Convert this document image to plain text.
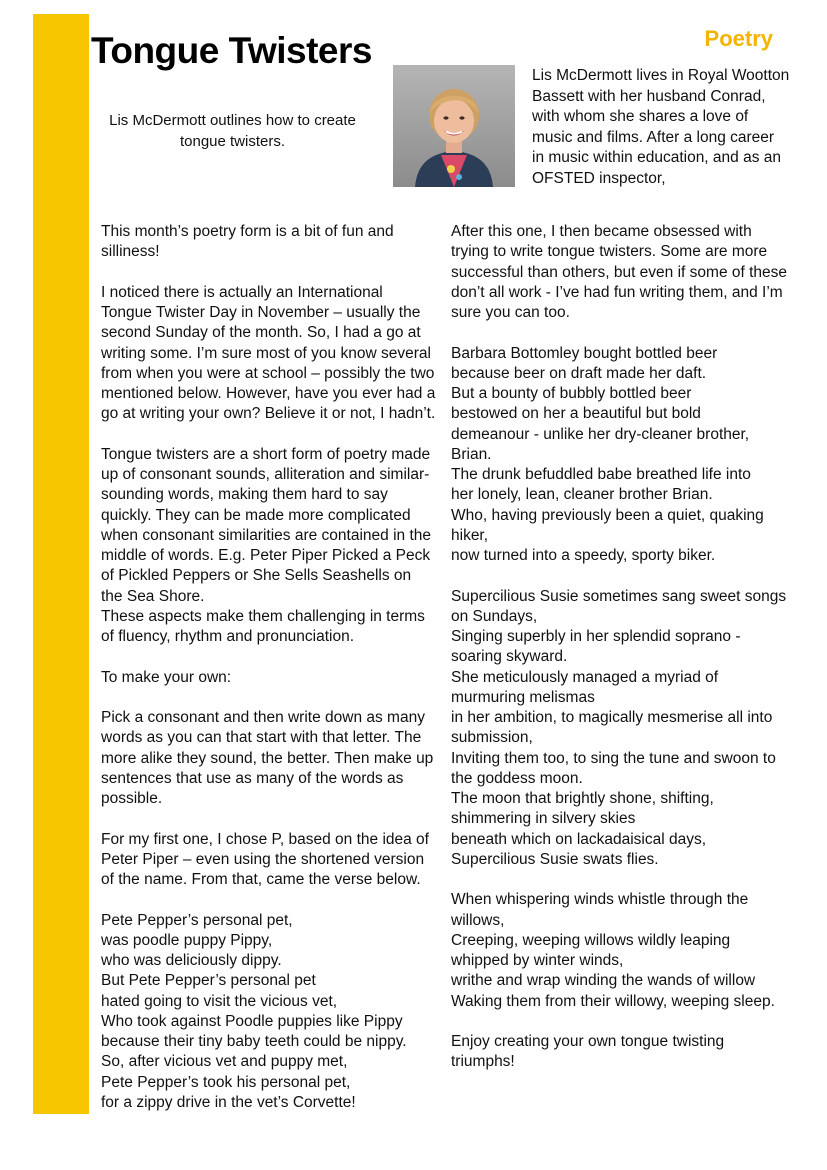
Poetry
Tongue Twisters
Lis McDermott outlines how to create tongue twisters.
Lis McDermott lives in Royal Wootton Bassett with her husband Conrad, with whom she shares a love of music and films. After a long career in music within education, and as an OFSTED inspector,

This month’s poetry form is a bit of fun and silliness!

I noticed there is actually an International Tongue Twister Day in November – usually the second Sunday of the month. So, I had a go at writing some. I’m sure most of you know several from when you were at school – possibly the two mentioned below. However, have you ever had a go at writing your own? Believe it or not, I hadn’t.

Tongue twisters are a short form of poetry made up of consonant sounds, alliteration and similar-sounding words, making them hard to say quickly. They can be made more complicated when consonant similarities are contained in the middle of words. E.g. Peter Piper Picked a Peck of Pickled Peppers or She Sells Seashells on the Sea Shore.
These aspects make them challenging in terms of fluency, rhythm and pronunciation.

To make your own:

Pick a consonant and then write down as many words as you can that start with that letter. The more alike they sound, the better. Then make up sentences that use as many of the words as possible.

For my first one, I chose P, based on the idea of Peter Piper – even using the shortened version of the name. From that, came the verse below.

Pete Pepper’s personal pet,
was poodle puppy Pippy,
who was deliciously dippy.
But Pete Pepper’s personal pet
hated going to visit the vicious vet,
Who took against Poodle puppies like Pippy
because their tiny baby teeth could be nippy.
So, after vicious vet and puppy met,
Pete Pepper’s took his personal pet,
for a zippy drive in the vet’s Corvette!

After this one, I then became obsessed with trying to write tongue twisters. Some are more successful than others, but even if some of these don’t all work - I’ve had fun writing them, and I’m sure you can too.

Barbara Bottomley bought bottled beer
because beer on draft made her daft.
But a bounty of bubbly bottled beer
bestowed on her a beautiful but bold
demeanour - unlike her dry-cleaner brother, Brian.
The drunk befuddled babe breathed life into
her lonely, lean, cleaner brother Brian.
Who, having previously been a quiet, quaking hiker,
now turned into a speedy, sporty biker.

Supercilious Susie sometimes sang sweet songs on Sundays,
Singing superbly in her splendid soprano - soaring skyward.
She meticulously managed a myriad of murmuring melismas
in her ambition, to magically mesmerise all into submission,
Inviting them too, to sing the tune and swoon to the goddess moon.
The moon that brightly shone, shifting, shimmering in silvery skies
beneath which on lackadaisical days,
Supercilious Susie swats flies.

When whispering winds whistle through the willows,
Creeping, weeping willows wildly leaping whipped by winter winds,
writhe and wrap winding the wands of willow
Waking them from their willowy, weeping sleep.

Enjoy creating your own tongue twisting triumphs!
